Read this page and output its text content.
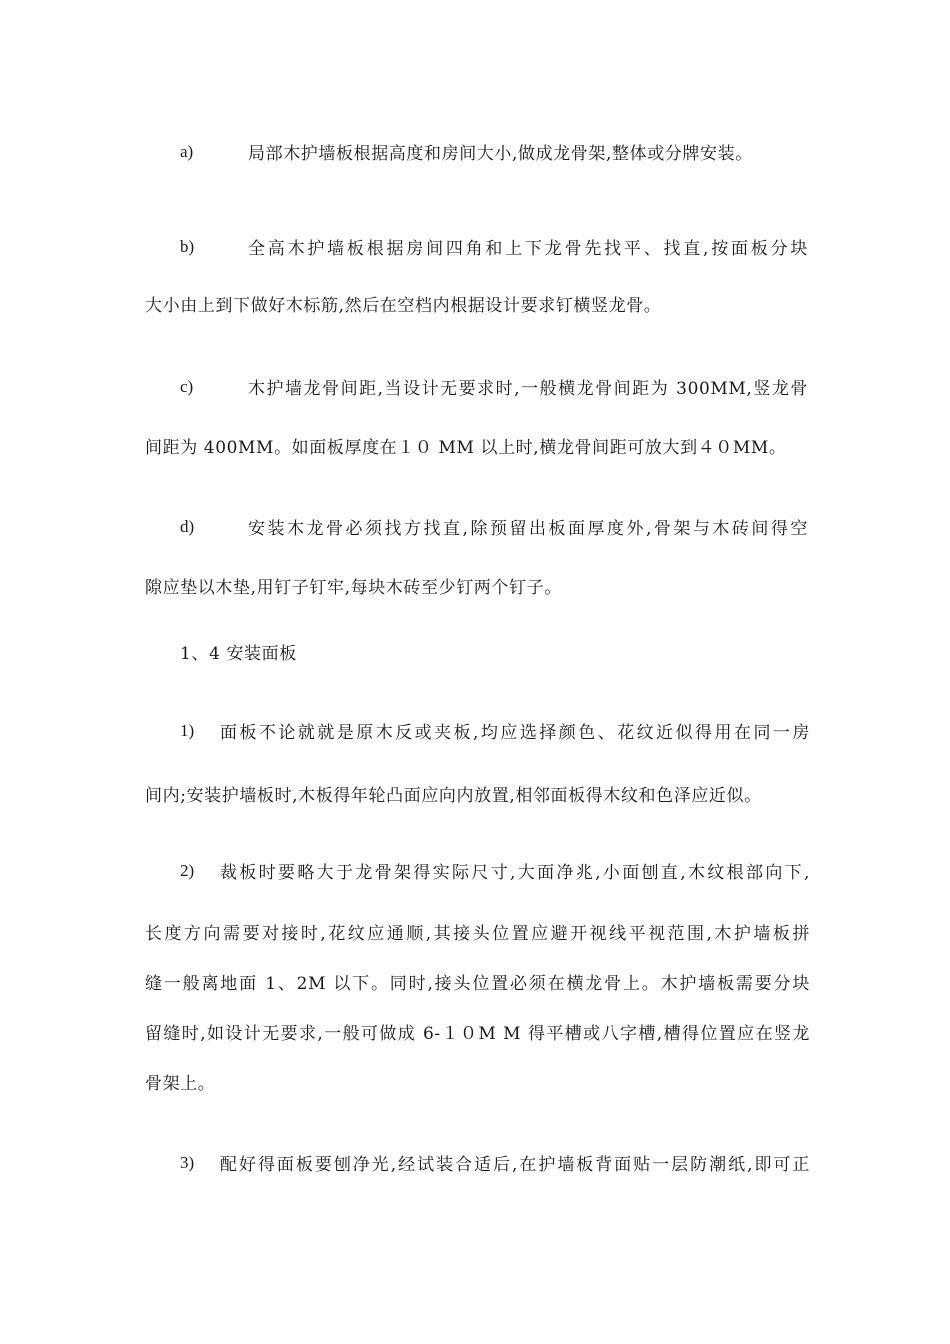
a)	局部木护墙板根据高度和房间大小,做成龙骨架,整体或分牌安装。
b)	全高木护墙板根据房间四角和上下龙骨先找平、找直,按面板分块
大小由上到下做好木标筋,然后在空档内根据设计要求钉横竖龙骨。
c)	木护墙龙骨间距,当设计无要求时,一般横龙骨间距为 300MM,竖龙骨
间距为 400MM。如面板厚度在１０ MM 以上时,横龙骨间距可放大到４０MM。
d)	安装木龙骨必须找方找直,除预留出板面厚度外,骨架与木砖间得空
隙应垫以木垫,用钉子钉牢,每块木砖至少钉两个钉子。
1、4 安装面板
1) 面板不论就就是原木反或夹板,均应选择颜色、花纹近似得用在同一房
间内;安装护墙板时,木板得年轮凸面应向内放置,相邻面板得木纹和色泽应近似。
2) 裁板时要略大于龙骨架得实际尺寸,大面净兆,小面刨直,木纹根部向下,
长度方向需要对接时,花纹应通顺,其接头位置应避开视线平视范围,木护墙板拼
缝一般离地面 1、2M 以下。同时,接头位置必须在横龙骨上。木护墙板需要分块
留缝时,如设计无要求,一般可做成 6-１０M M 得平槽或八字槽,槽得位置应在竖龙
骨架上。
3) 配好得面板要刨净光,经试装合适后,在护墙板背面贴一层防潮纸,即可正
